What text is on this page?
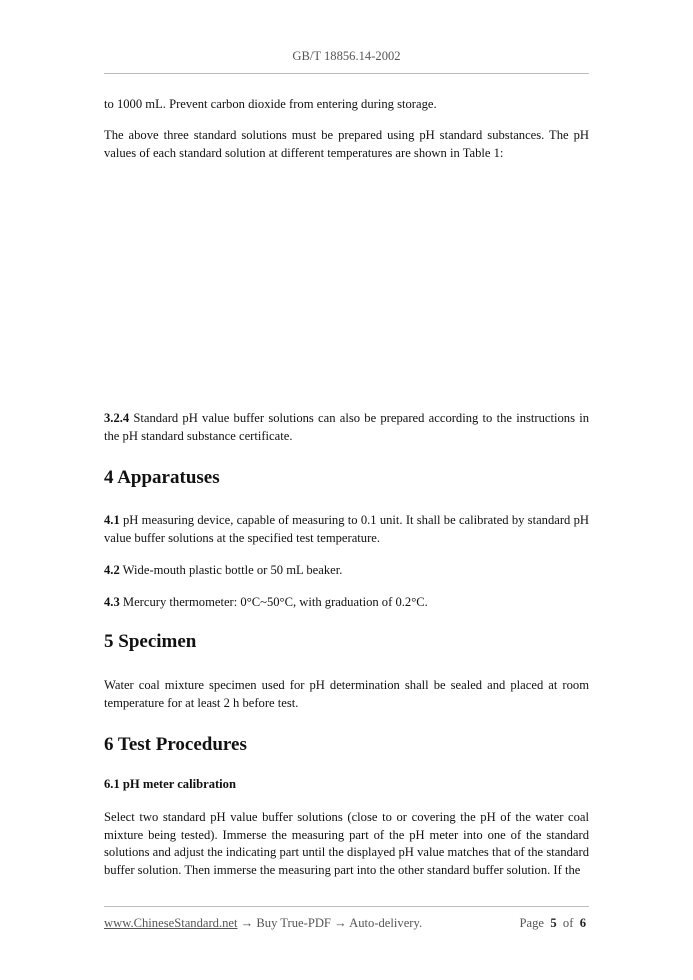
GB/T 18856.14-2002

to 1000 mL. Prevent carbon dioxide from entering during storage.

The above three standard solutions must be prepared using pH standard substances. The pH values of each standard solution at different temperatures are shown in Table 1:

3.2.4 Standard pH value buffer solutions can also be prepared according to the instructions in the pH standard substance certificate.

4 Apparatuses

4.1 pH measuring device, capable of measuring to 0.1 unit. It shall be calibrated by standard pH value buffer solutions at the specified test temperature.

4.2 Wide-mouth plastic bottle or 50 mL beaker.

4.3 Mercury thermometer: 0°C~50°C, with graduation of 0.2°C.

5 Specimen

Water coal mixture specimen used for pH determination shall be sealed and placed at room temperature for at least 2 h before test.

6 Test Procedures
6.1 pH meter calibration

Select two standard pH value buffer solutions (close to or covering the pH of the water coal mixture being tested). Immerse the measuring part of the pH meter into one of the standard solutions and adjust the indicating part until the displayed pH value matches that of the standard buffer solution. Then immerse the measuring part into the other standard buffer solution. If the

www.ChineseStandard.net → Buy True-PDF → Auto-delivery.	Page 5 of 6
